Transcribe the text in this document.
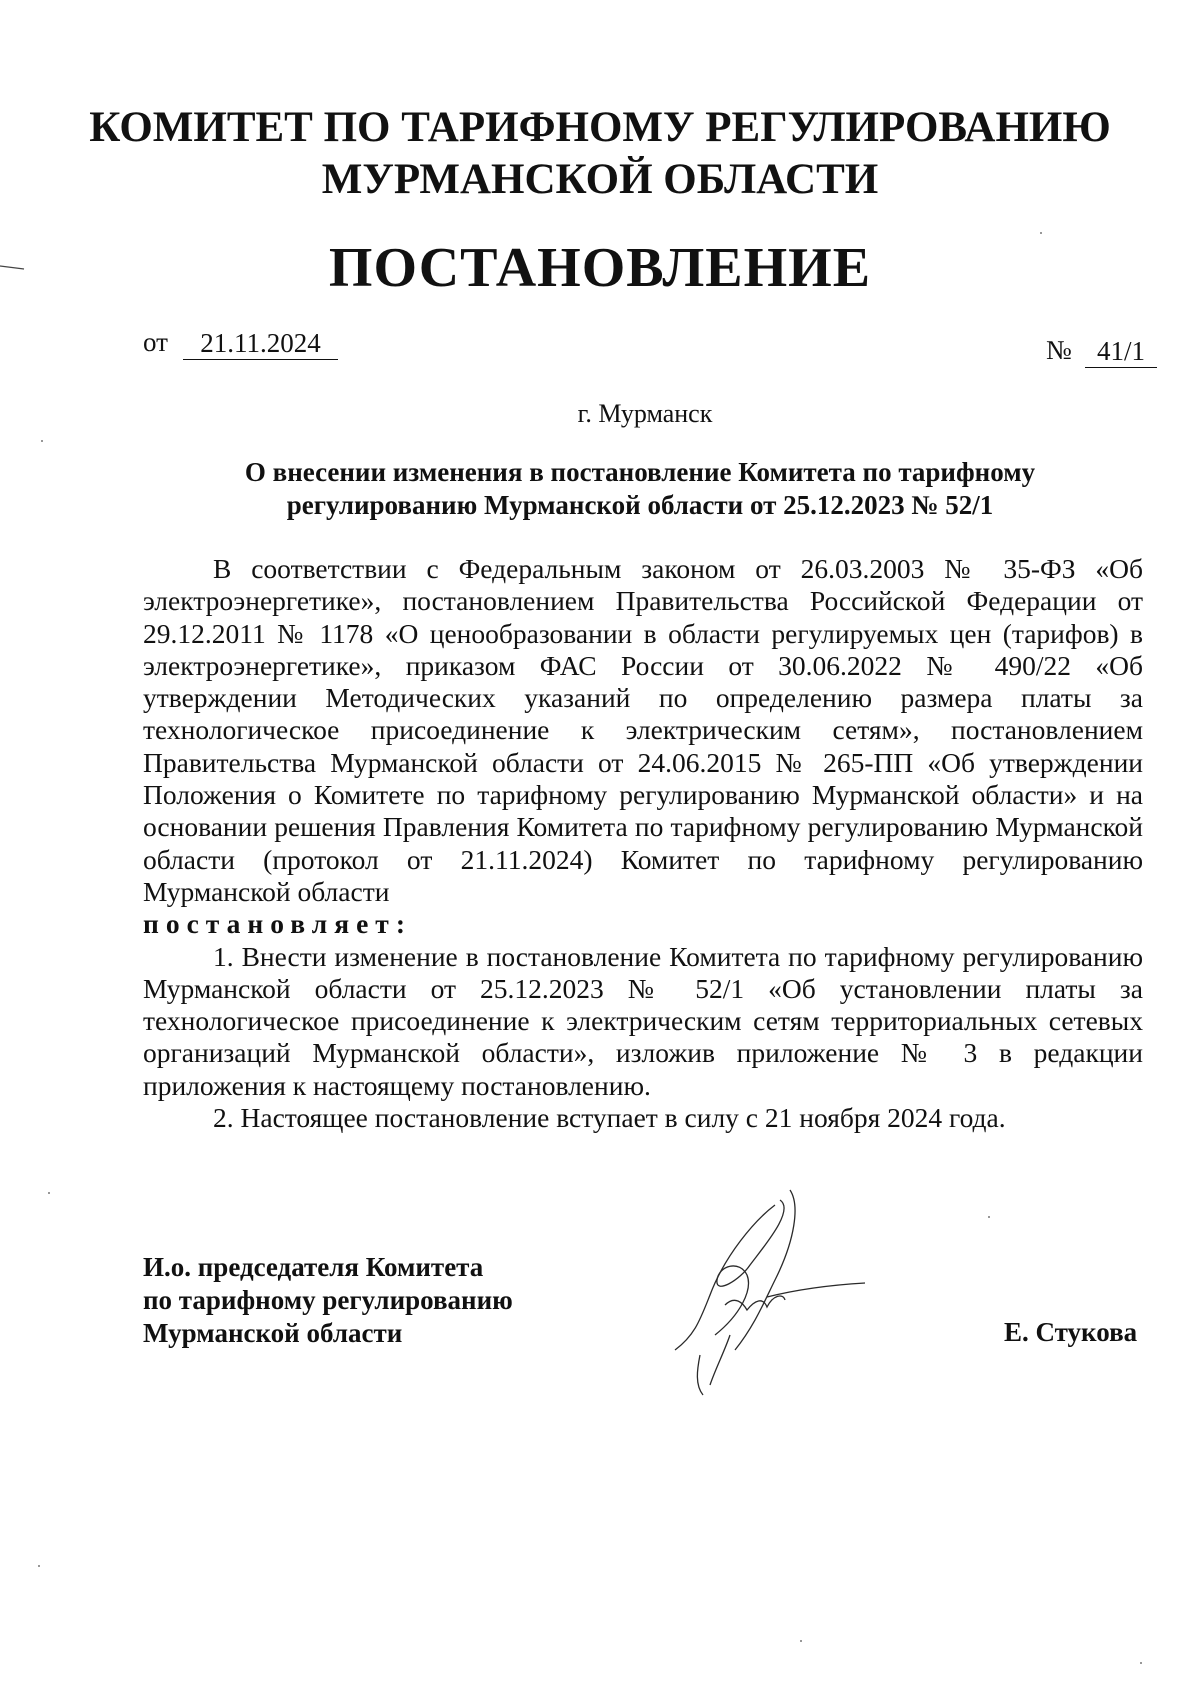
КОМИТЕТ ПО ТАРИФНОМУ РЕГУЛИРОВАНИЮ
МУРМАНСКОЙ ОБЛАСТИ
ПОСТАНОВЛЕНИЕ
от	21.11.2024	№ 41/1
г. Мурманск
О внесении изменения в постановление Комитета по тарифному
регулированию Мурманской области от 25.12.2023 № 52/1

В соответствии с Федеральным законом от 26.03.2003 № 35-ФЗ «Об электроэнергетике», постановлением Правительства Российской Федерации от 29.12.2011 № 1178 «О ценообразовании в области регулируемых цен (тарифов) в электроэнергетике», приказом ФАС России от 30.06.2022 № 490/22 «Об утверждении Методических указаний по определению размера платы за технологическое присоединение к электрическим сетям», постановлением Правительства Мурманской области от 24.06.2015 № 265-ПП «Об утверждении Положения о Комитете по тарифному регулированию Мурманской области» и на основании решения Правления Комитета по тарифному регулированию Мурманской области (протокол от 21.11.2024) Комитет по тарифному регулированию Мурманской области

постановляет:

1. Внести изменение в постановление Комитета по тарифному регулированию Мурманской области от 25.12.2023 № 52/1 «Об установлении платы за технологическое присоединение к электрическим сетям территориальных сетевых организаций Мурманской области», изложив приложение № 3 в редакции приложения к настоящему постановлению.

2. Настоящее постановление вступает в силу с 21 ноября 2024 года.

И.о. председателя Комитета
по тарифному регулированию
Мурманской области	Е. Стукова
